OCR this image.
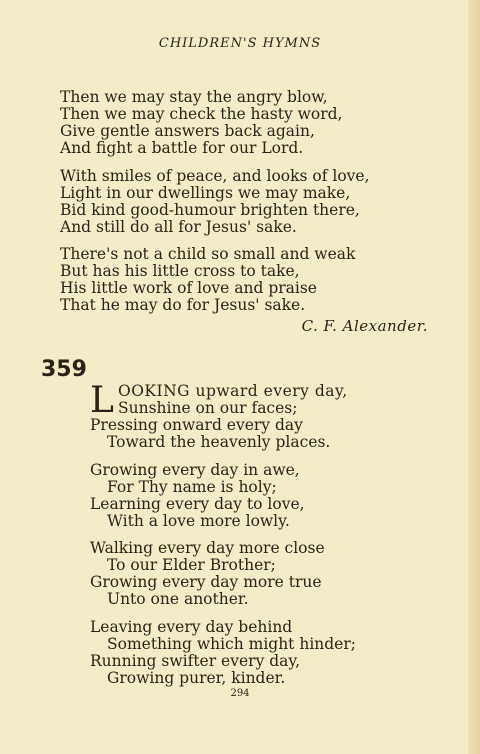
CHILDREN'S HYMNS
Then we may stay the angry blow,
Then we may check the hasty word,
Give gentle answers back again,
And fight a battle for our Lord.
With smiles of peace, and looks of love,
Light in our dwellings we may make,
Bid kind good-humour brighten there,
And still do all for Jesus' sake.
There's not a child so small and weak
But has his little cross to take,
His little work of love and praise
That he may do for Jesus' sake.
C. F. Alexander.
359
L OOKING upward every day,
Sunshine on our faces;
Pressing onward every day
Toward the heavenly places.
Growing every day in awe,
For Thy name is holy;
Learning every day to love,
With a love more lowly.
Walking every day more close
To our Elder Brother;
Growing every day more true
Unto one another.
Leaving every day behind
Something which might hinder;
Running swifter every day,
Growing purer, kinder.
294
